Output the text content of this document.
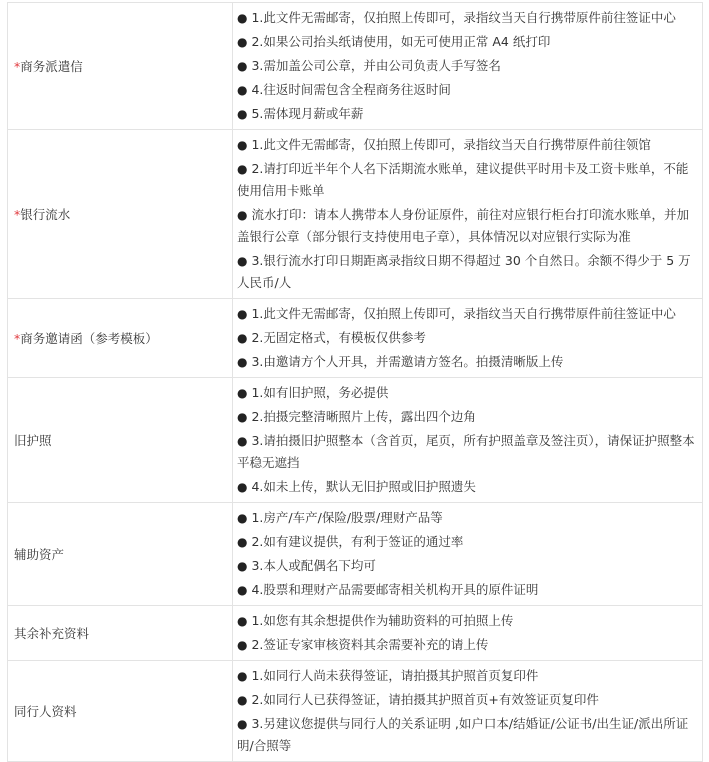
*商务派遣信	
● 1.此文件无需邮寄，仅拍照上传即可，录指纹当天自行携带原件前往签证中心
● 2.如果公司抬头纸请使用，如无可使用正常 A4 纸打印
● 3.需加盖公司公章，并由公司负责人手写签名
● 4.往返时间需包含全程商务往返时间
● 5.需体现月薪或年薪

*银行流水	
● 1.此文件无需邮寄，仅拍照上传即可，录指纹当天自行携带原件前往领馆
● 2.请打印近半年个人名下活期流水账单，建议提供平时用卡及工资卡账单，不能使用信用卡账单
● 流水打印：请本人携带本人身份证原件，前往对应银行柜台打印流水账单，并加盖银行公章（部分银行支持使用电子章），具体情况以对应银行实际为准
● 3.银行流水打印日期距离录指纹日期不得超过 30 个自然日。余额不得少于 5 万人民币/人

*商务邀请函（参考模板）	
● 1.此文件无需邮寄，仅拍照上传即可，录指纹当天自行携带原件前往签证中心
● 2.无固定格式，有模板仅供参考
● 3.由邀请方个人开具，并需邀请方签名。拍摄清晰版上传

旧护照	
● 1.如有旧护照，务必提供
● 2.拍摄完整清晰照片上传，露出四个边角
● 3.请拍摄旧护照整本（含首页，尾页，所有护照盖章及签注页），请保证护照整本平稳无遮挡
● 4.如未上传，默认无旧护照或旧护照遗失

辅助资产	
● 1.房产/车产/保险/股票/理财产品等
● 2.如有建议提供，有利于签证的通过率
● 3.本人或配偶名下均可
● 4.股票和理财产品需要邮寄相关机构开具的原件证明

其余补充资料	
● 1.如您有其余想提供作为辅助资料的可拍照上传
● 2.签证专家审核资料其余需要补充的请上传

同行人资料	
● 1.如同行人尚未获得签证，请拍摄其护照首页复印件
● 2.如同行人已获得签证，请拍摄其护照首页+有效签证页复印件
● 3.另建议您提供与同行人的关系证明 ,如户口本/结婚证/公证书/出生证/派出所证明/合照等
